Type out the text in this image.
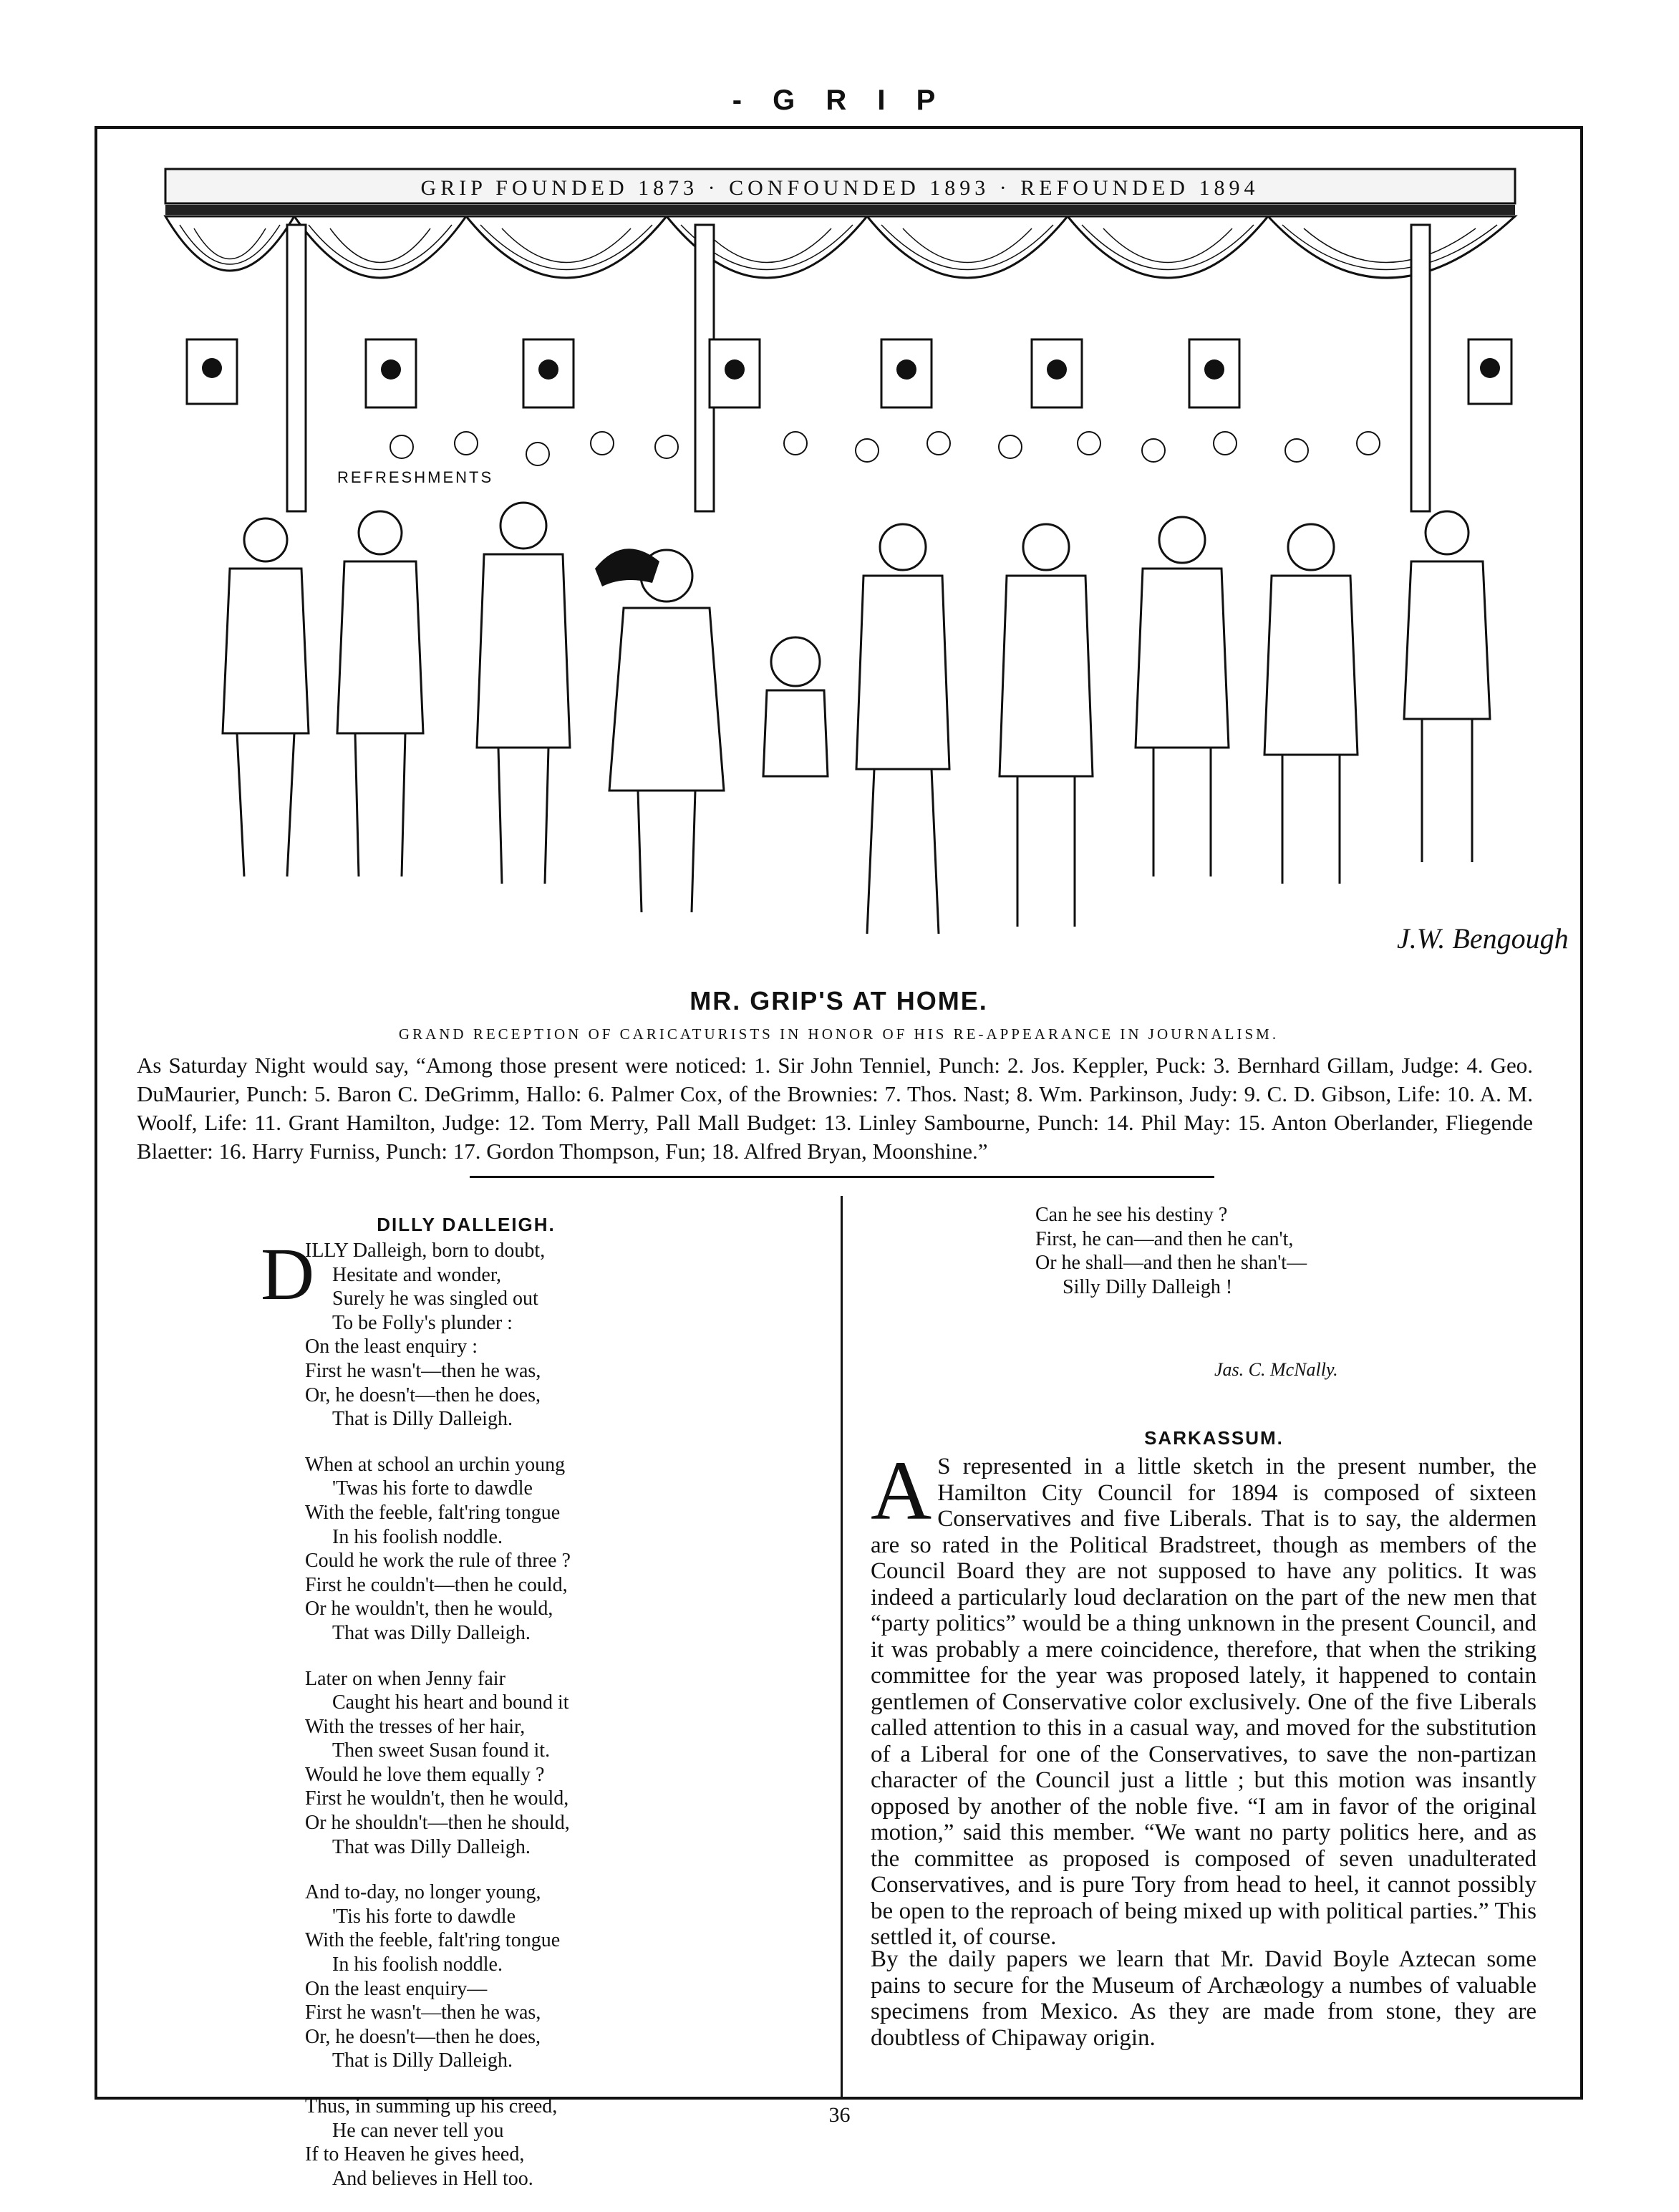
- G R I P
GRIP FOUNDED 1873 · CONFOUNDED 1893 · REFOUNDED 1894
REFRESHMENTS
J.W. Bengough
MR. GRIP'S AT HOME.
GRAND RECEPTION OF CARICATURISTS IN HONOR OF HIS RE-APPEARANCE IN JOURNALISM.
As Saturday Night would say, “Among those present were noticed: 1. Sir John Tenniel, Punch: 2. Jos. Keppler, Puck: 3. Bernhard Gillam, Judge: 4. Geo. DuMaurier, Punch: 5. Baron C. DeGrimm, Hallo: 6. Palmer Cox, of the Brownies: 7. Thos. Nast; 8. Wm. Parkinson, Judy: 9. C. D. Gibson, Life: 10. A. M. Woolf, Life: 11. Grant Hamilton, Judge: 12. Tom Merry, Pall Mall Budget: 13. Linley Sambourne, Punch: 14. Phil May: 15. Anton Oberlander, Fliegende Blaetter: 16. Harry Furniss, Punch: 17. Gordon Thompson, Fun; 18. Alfred Bryan, Moonshine.”
DILLY DALLEIGH.
D
ILLY Dalleigh, born to doubt,
Hesitate and wonder,
Surely he was singled out
To be Folly's plunder :
On the least enquiry :
First he wasn't—then he was,
Or, he doesn't—then he does,
That is Dilly Dalleigh.
When at school an urchin young
'Twas his forte to dawdle
With the feeble, falt'ring tongue
In his foolish noddle.
Could he work the rule of three ?
First he couldn't—then he could,
Or he wouldn't, then he would,
That was Dilly Dalleigh.
Later on when Jenny fair
Caught his heart and bound it
With the tresses of her hair,
Then sweet Susan found it.
Would he love them equally ?
First he wouldn't, then he would,
Or he shouldn't—then he should,
That was Dilly Dalleigh.
And to-day, no longer young,
'Tis his forte to dawdle
With the feeble, falt'ring tongue
In his foolish noddle.
On the least enquiry—
First he wasn't—then he was,
Or, he doesn't—then he does,
That is Dilly Dalleigh.
Thus, in summing up his creed,
He can never tell you
If to Heaven he gives heed,
And believes in Hell too.
Can he see his destiny ?
First, he can—and then he can't,
Or he shall—and then he shan't—
Silly Dilly Dalleigh !
Jas. C. McNally.
SARKASSUM.
A S represented in a little sketch in the present number, the Hamilton City Council for 1894 is composed of sixteen Conservatives and five Liberals. That is to say, the aldermen are so rated in the Political Bradstreet, though as members of the Council Board they are not supposed to have any politics. It was indeed a particularly loud declaration on the part of the new men that “party politics” would be a thing unknown in the present Council, and it was probably a mere coincidence, therefore, that when the striking committee for the year was proposed lately, it happened to contain gentlemen of Conservative color exclusively. One of the five Liberals called attention to this in a casual way, and moved for the substitution of a Liberal for one of the Conservatives, to save the non-partizan character of the Council just a little ; but this motion was insantly opposed by another of the noble five. “I am in favor of the original motion,” said this member. “We want no party politics here, and as the committee as proposed is composed of seven unadulterated Conservatives, and is pure Tory from head to heel, it cannot possibly be open to the reproach of being mixed up with political parties.” This settled it, of course.
By the daily papers we learn that Mr. David Boyle Aztecan some pains to secure for the Museum of Archæology a numbes of valuable specimens from Mexico. As they are made from stone, they are doubtless of Chipaway origin.
36
